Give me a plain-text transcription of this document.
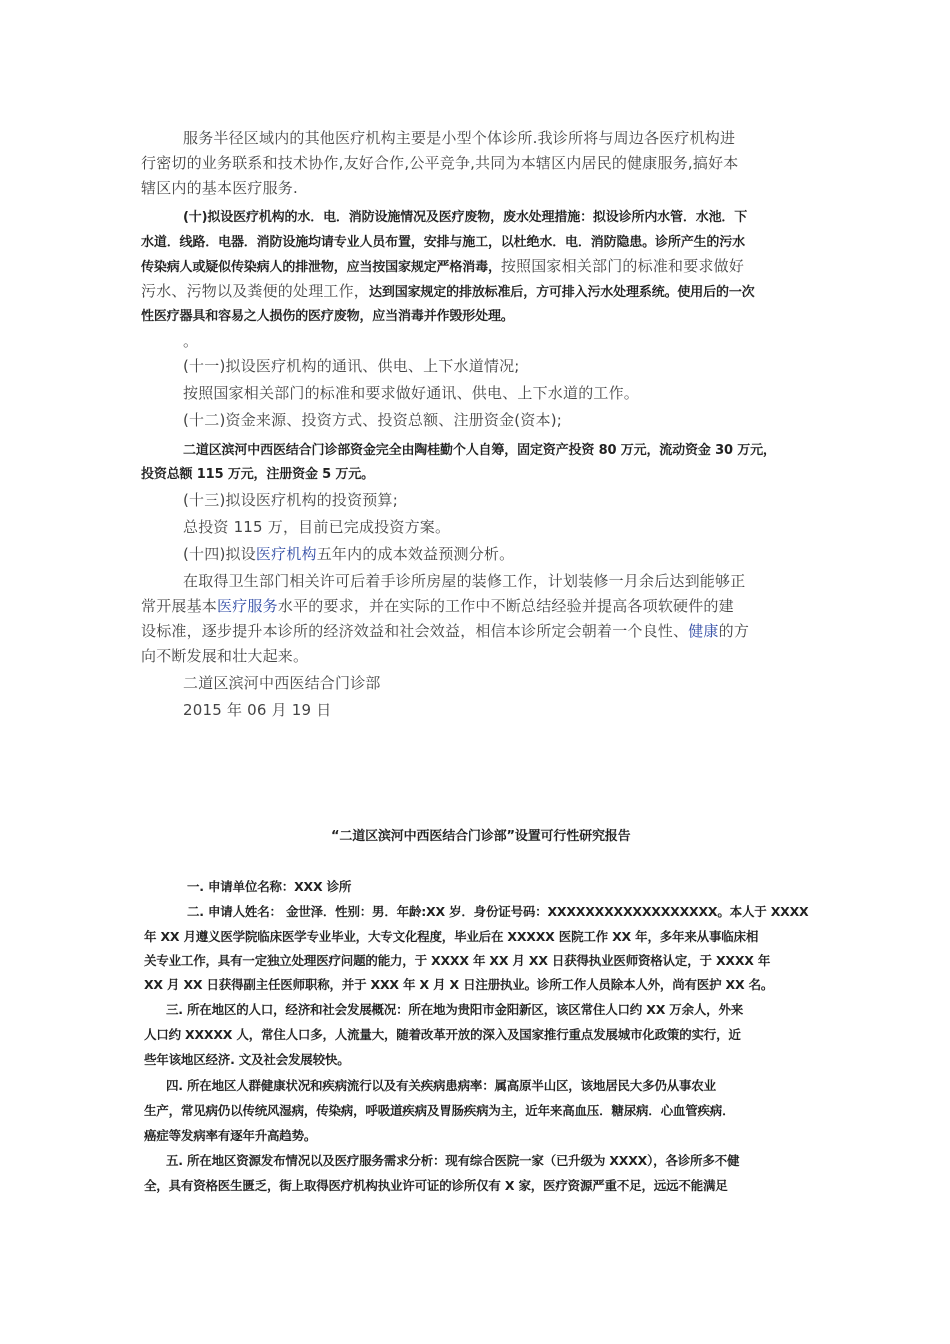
服务半径区域内的其他医疗机构主要是小型个体诊所.我诊所将与周边各医疗机构进

行密切的业务联系和技术协作,友好合作,公平竞争,共同为本辖区内居民的健康服务,搞好本

辖区内的基本医疗服务.

(十)拟设医疗机构的水．电．消防设施情况及医疗废物，废水处理措施：拟设诊所内水管．水池．下

水道．线路．电器．消防设施均请专业人员布置，安排与施工，以杜绝水．电．消防隐患。诊所产生的污水

传染病人或疑似传染病人的排泄物，应当按国家规定严格消毒，按照国家相关部门的标准和要求做好

污水、污物以及粪便的处理工作，达到国家规定的排放标准后，方可排入污水处理系统。使用后的一次

性医疗器具和容易之人损伤的医疗废物，应当消毒并作毁形处理。

。

(十一)拟设医疗机构的通讯、供电、上下水道情况;

按照国家相关部门的标准和要求做好通讯、供电、上下水道的工作。

(十二)资金来源、投资方式、投资总额、注册资金(资本);

二道区滨河中西医结合门诊部资金完全由陶桂勤个人自筹，固定资产投资 80 万元，流动资金 30 万元，

投资总额 115 万元，注册资金 5 万元。

(十三)拟设医疗机构的投资预算;

总投资 115 万，目前已完成投资方案。

(十四)拟设医疗机构五年内的成本效益预测分析。

在取得卫生部门相关许可后着手诊所房屋的装修工作，计划装修一月余后达到能够正

常开展基本医疗服务水平的要求，并在实际的工作中不断总结经验并提高各项软硬件的建

设标准，逐步提升本诊所的经济效益和社会效益，相信本诊所定会朝着一个良性、健康的方

向不断发展和壮大起来。

二道区滨河中西医结合门诊部

2015 年 06 月 19 日

“二道区滨河中西医结合门诊部”设置可行性研究报告

一. 申请单位名称：XXX 诊所

二. 申请人姓名： 金世泽．性别：男．年龄:XX 岁．身份证号码：XXXXXXXXXXXXXXXXXX。本人于 XXXX

年 XX 月遵义医学院临床医学专业毕业，大专文化程度，毕业后在 XXXXX 医院工作 XX 年，多年来从事临床相

关专业工作，具有一定独立处理医疗问题的能力，于 XXXX 年 XX 月 XX 日获得执业医师资格认定，于 XXXX 年

XX 月 XX 日获得副主任医师职称，并于 XXX 年 X 月 X 日注册执业。诊所工作人员除本人外，尚有医护 XX 名。

三. 所在地区的人口，经济和社会发展概况：所在地为贵阳市金阳新区，该区常住人口约 XX 万余人，外来

人口约 XXXXX 人，常住人口多，人流量大，随着改革开放的深入及国家推行重点发展城市化政策的实行，近

些年该地区经济. 文及社会发展较快。

四. 所在地区人群健康状况和疾病流行以及有关疾病患病率：属高原半山区，该地居民大多仍从事农业

生产，常见病仍以传统风湿病，传染病，呼吸道疾病及胃肠疾病为主，近年来高血压．糖尿病．心血管疾病．

癌症等发病率有逐年升高趋势。

五. 所在地区资源发布情况以及医疗服务需求分析：现有综合医院一家（已升级为 XXXX），各诊所多不健

全，具有资格医生匮乏，街上取得医疗机构执业许可证的诊所仅有 X 家，医疗资源严重不足，远远不能满足
